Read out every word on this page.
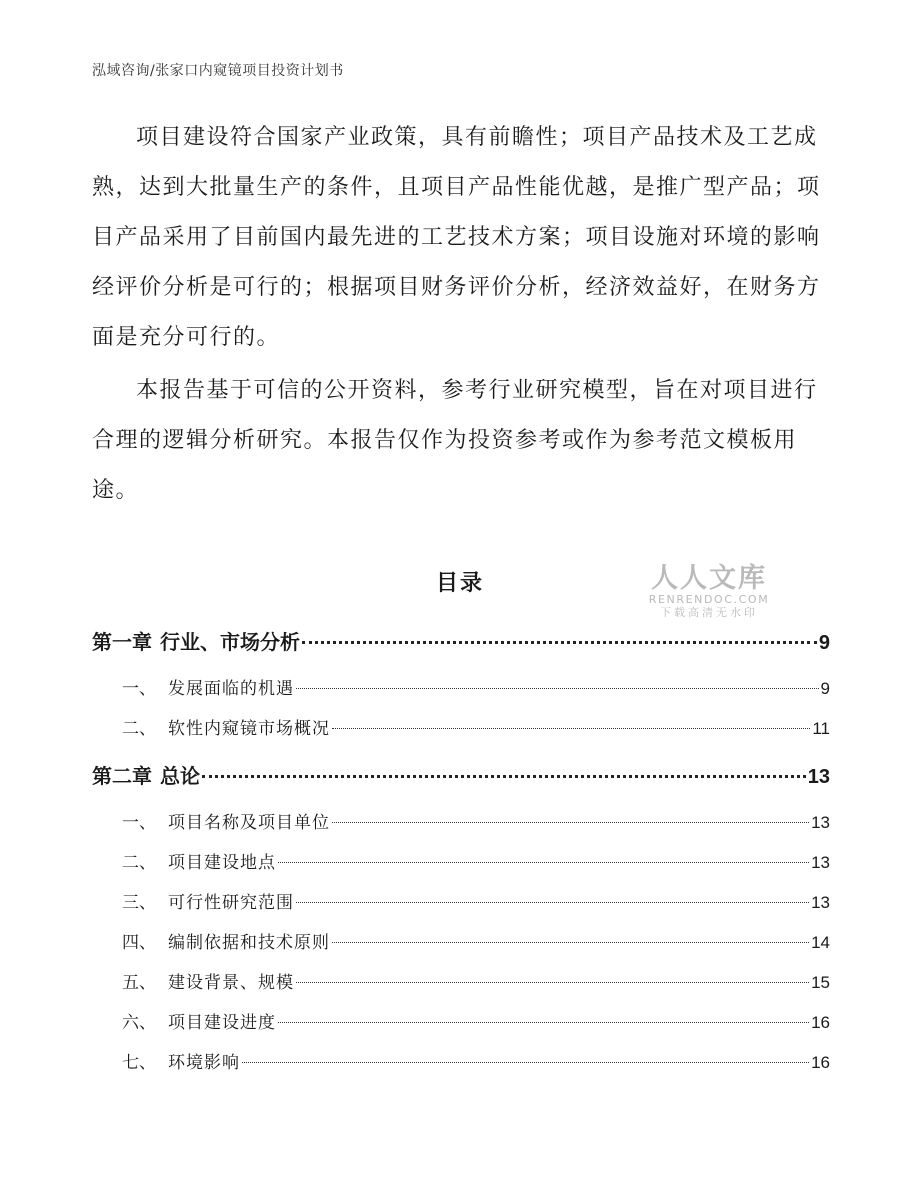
泓域咨询/张家口内窥镜项目投资计划书

项目建设符合国家产业政策，具有前瞻性；项目产品技术及工艺成熟，达到大批量生产的条件，且项目产品性能优越，是推广型产品；项目产品采用了目前国内最先进的工艺技术方案；项目设施对环境的影响经评价分析是可行的；根据项目财务评价分析，经济效益好，在财务方面是充分可行的。

本报告基于可信的公开资料，参考行业研究模型，旨在对项目进行合理的逻辑分析研究。本报告仅作为投资参考或作为参考范文模板用途。

目录	人人文库
RENRENDOC.COM
下载高清无水印
第一章 行业、市场分析	9
一、 发展面临的机遇	9
二、 软性内窥镜市场概况	11
第二章 总论	13
一、 项目名称及项目单位	13
二、 项目建设地点	13
三、 可行性研究范围	13
四、 编制依据和技术原则	14
五、 建设背景、规模	15
六、 项目建设进度	16
七、 环境影响	16
